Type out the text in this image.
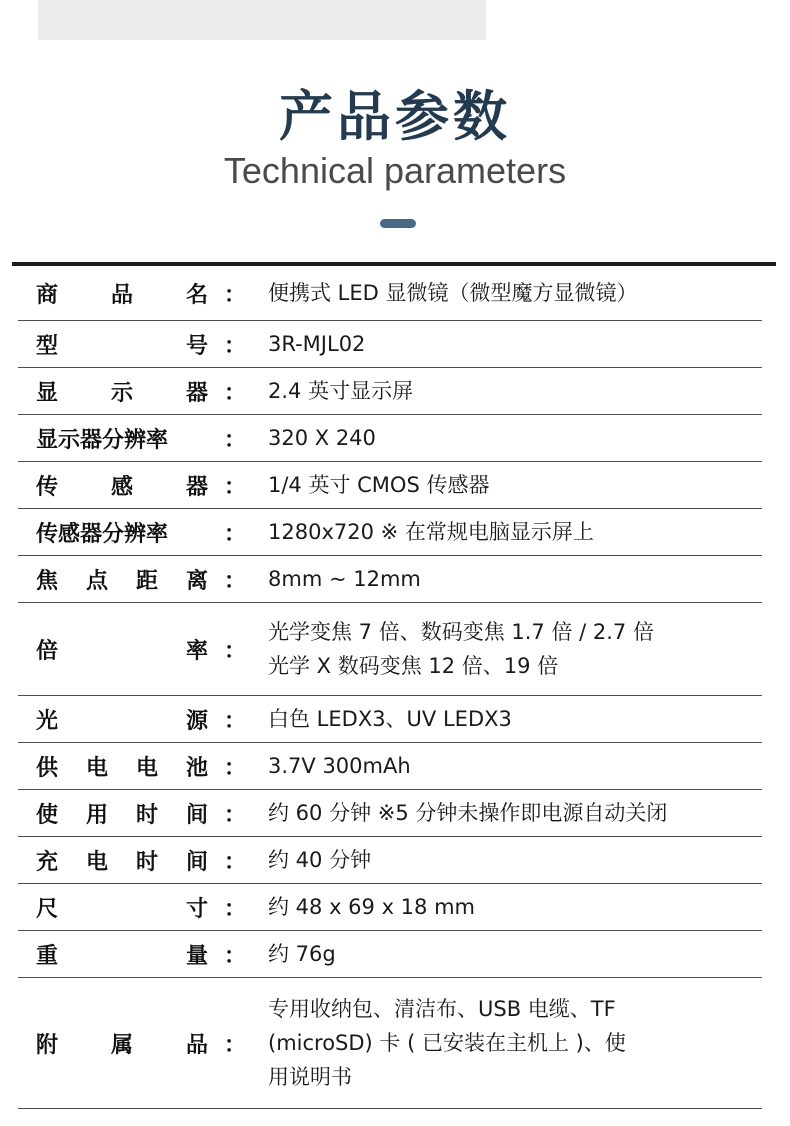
产品参数
Technical parameters
商 品 名 ： 便携式 LED 显微镜（微型魔方显微镜）
型	号 ： 3R-MJL02
显 示 器 ： 2.4 英寸显示屏
显示器分辨率	： 320 X 240
传 感 器 ： 1/4 英寸 CMOS 传感器
传感器分辨率	： 1280x720 ※ 在常规电脑显示屏上
焦 点 距 离 ： 8mm ~ 12mm
倍	率 ：
光学变焦 7 倍、数码变焦 1.7 倍 / 2.7 倍
光学 X 数码变焦 12 倍、19 倍
光	源 ： 白色 LEDX3、UV LEDX3
供 电 电 池 ： 3.7V 300mAh
使 用 时 间 ： 约 60 分钟 ※5 分钟未操作即电源自动关闭
充 电 时 间 ： 约 40 分钟
尺	寸 ： 约 48 x 69 x 18 mm
重	量 ： 约 76g
附 属 品 ：
专用收纳包、清洁布、USB 电缆、TF
(microSD) 卡 ( 已安装在主机上 )、使
用说明书
